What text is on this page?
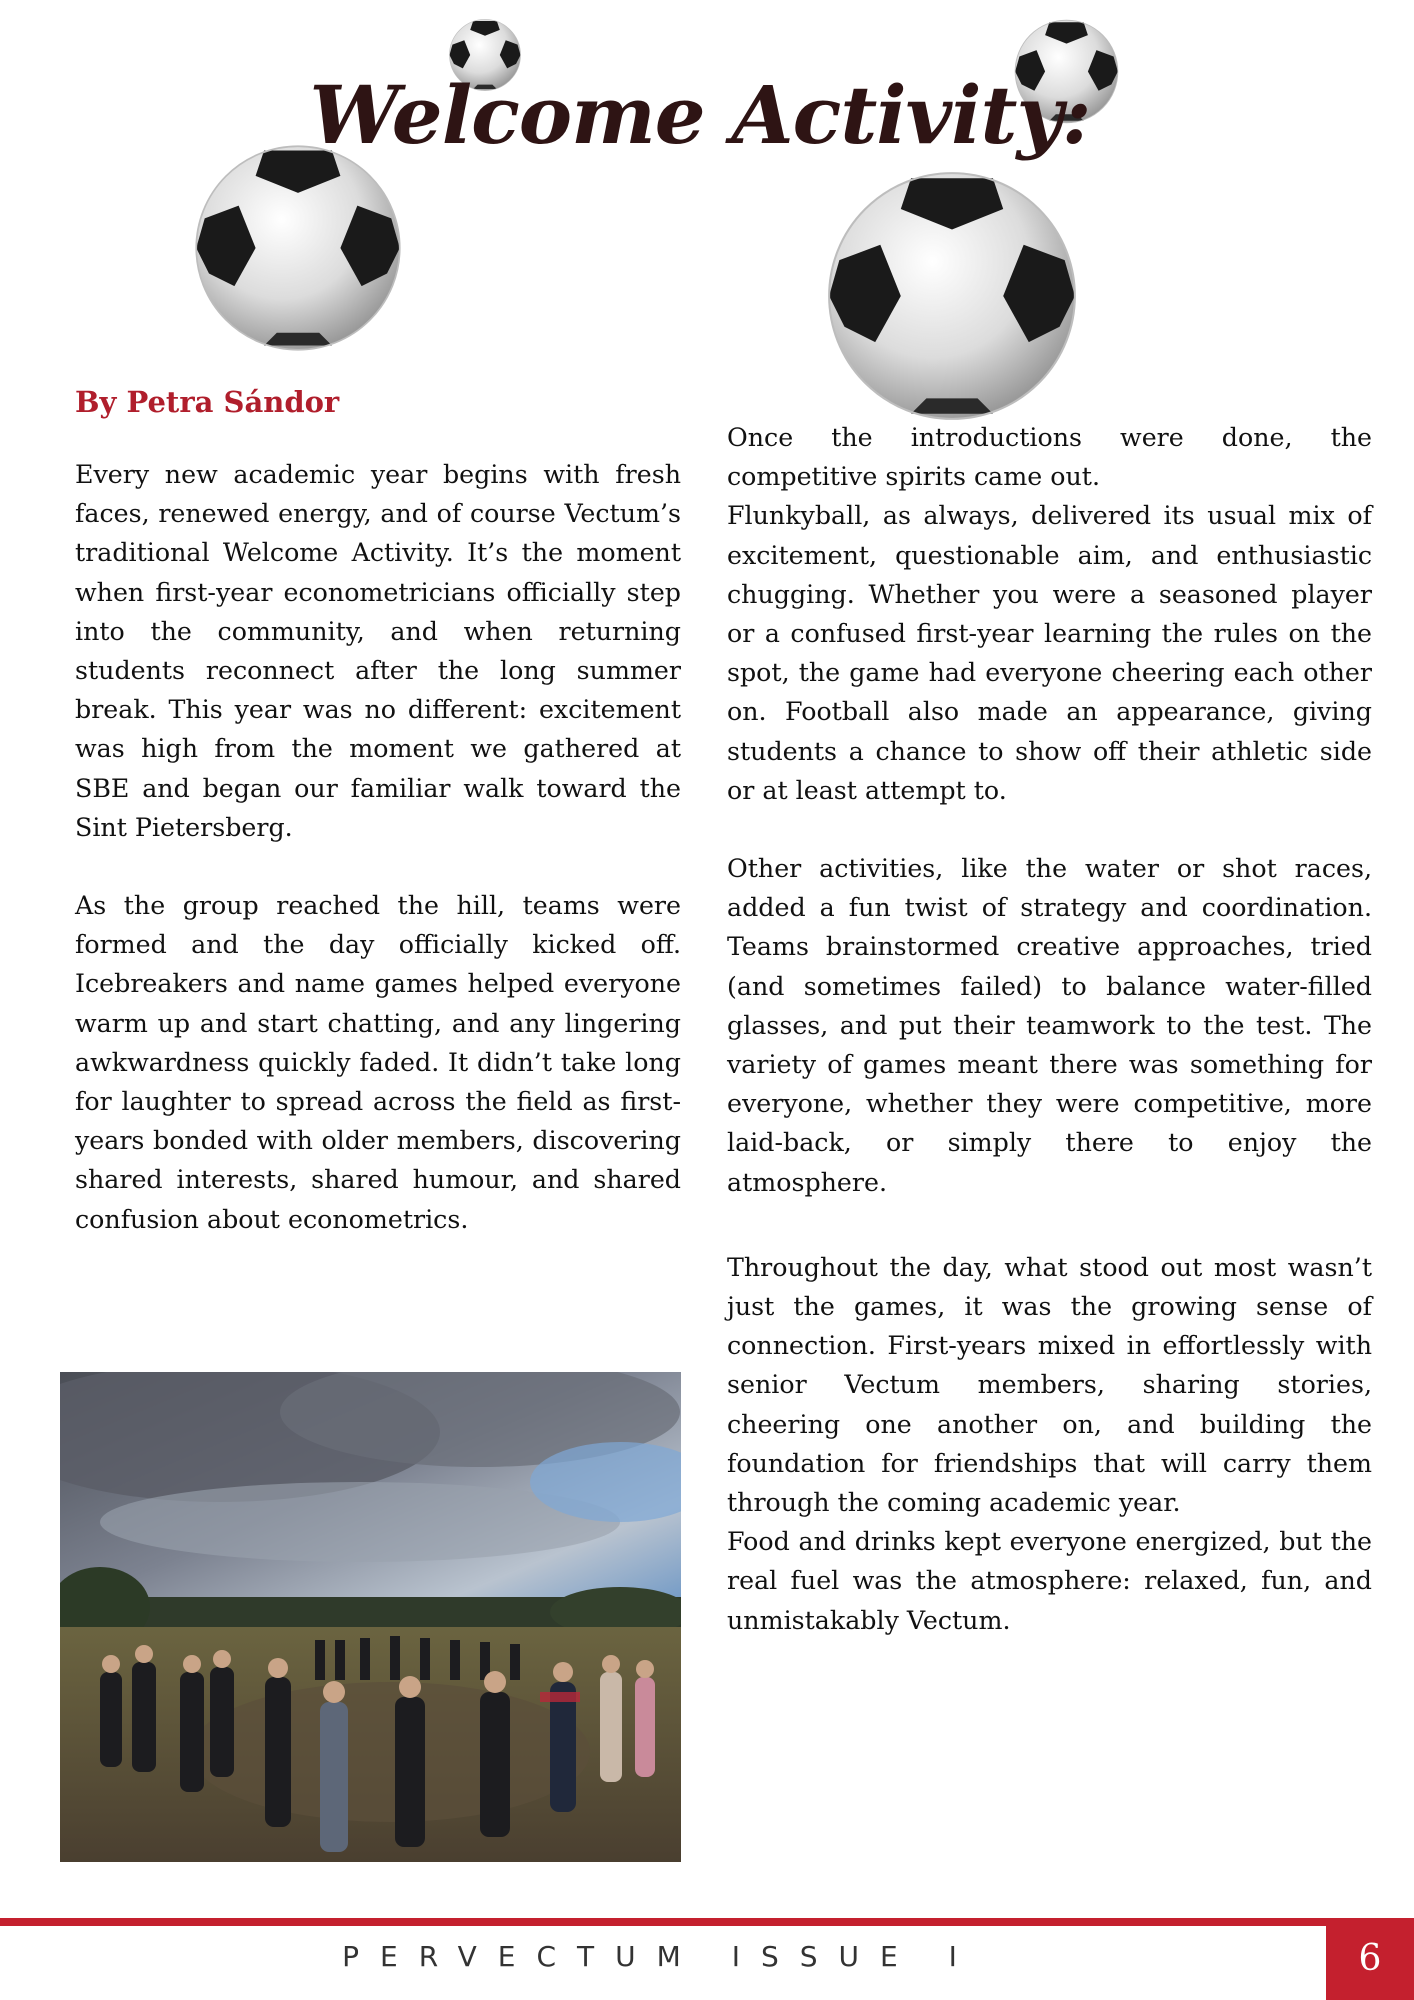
Welcome Activity:
By Petra Sándor

Every new academic year begins with fresh faces, renewed energy, and of course Vectum’s traditional Welcome Activity. It’s the moment when first-year econometricians officially step into the community, and when returning students reconnect after the long summer break. This year was no different: excitement was high from the moment we gathered at SBE and began our familiar walk toward the Sint Pietersberg.

As the group reached the hill, teams were formed and the day officially kicked off. Icebreakers and name games helped everyone warm up and start chatting, and any lingering awkwardness quickly faded. It didn’t take long for laughter to spread across the field as first-years bonded with older members, discovering shared interests, shared humour, and shared confusion about econometrics.

Once the introductions were done, the competitive spirits came out.

Flunkyball, as always, delivered its usual mix of excitement, questionable aim, and enthusiastic chugging. Whether you were a seasoned player or a confused first-year learning the rules on the spot, the game had everyone cheering each other on. Football also made an appearance, giving students a chance to show off their athletic side or at least attempt to.

Other activities, like the water or shot races, added a fun twist of strategy and coordination. Teams brainstormed creative approaches, tried (and sometimes failed) to balance water-filled glasses, and put their teamwork to the test. The variety of games meant there was something for everyone, whether they were competitive, more laid-back, or simply there to enjoy the atmosphere.

Throughout the day, what stood out most wasn’t just the games, it was the growing sense of connection. First-years mixed in effortlessly with senior Vectum members, sharing stories, cheering one another on, and building the foundation for friendships that will carry them through the coming academic year.

Food and drinks kept everyone energized, but the real fuel was the atmosphere: relaxed, fun, and unmistakably Vectum.

PERVECTUM ISSUE I	6
